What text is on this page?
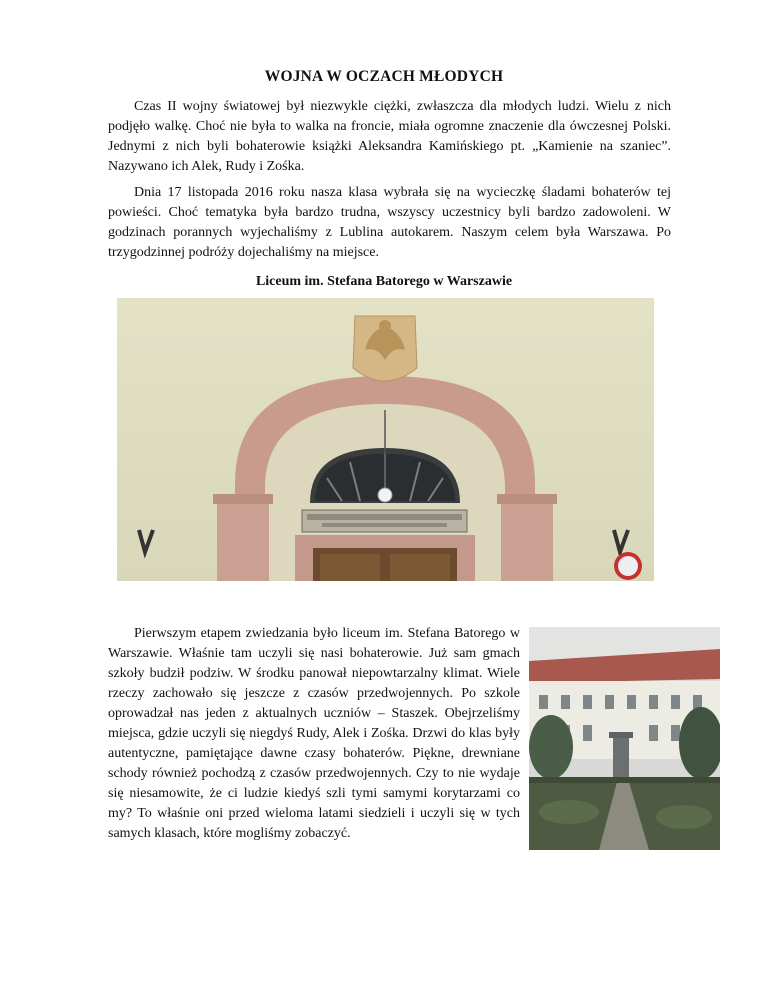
WOJNA W OCZACH MŁODYCH

Czas II wojny światowej był niezwykle ciężki, zwłaszcza dla młodych ludzi. Wielu z nich podjęło walkę. Choć nie była to walka na froncie, miała ogromne znaczenie dla ówczesnej Polski. Jednymi z nich byli bohaterowie książki Aleksandra Kamińskiego pt. „Kamienie na szaniec”. Nazywano ich Alek, Rudy i Zośka.

Dnia 17 listopada 2016 roku nasza klasa wybrała się na wycieczkę śladami bohaterów tej powieści. Choć tematyka była bardzo trudna, wszyscy uczestnicy byli bardzo zadowoleni. W godzinach porannych wyjechaliśmy z Lublina autokarem. Naszym celem była Warszawa. Po trzygodzinnej podróży dojechaliśmy na miejsce.

Liceum im. Stefana Batorego w Warszawie

Pierwszym etapem zwiedzania było liceum im. Stefana Batorego w Warszawie. Właśnie tam uczyli się nasi bohaterowie. Już sam gmach szkoły budził podziw. W środku panował niepowtarzalny klimat. Wiele rzeczy zachowało się jeszcze z czasów przedwojennych. Po szkole oprowadzał nas jeden z aktualnych uczniów – Staszek. Obejrzeliśmy miejsca, gdzie uczyli się niegdyś Rudy, Alek i Zośka. Drzwi do klas były autentyczne, pamiętające dawne czasy bohaterów. Piękne, drewniane schody również pochodzą z czasów przedwojennych. Czy to nie wydaje się niesamowite, że ci ludzie kiedyś szli tymi samymi korytarzami co my? To właśnie oni przed wieloma latami siedzieli i uczyli się w tych samych klasach, które mogliśmy zobaczyć.
